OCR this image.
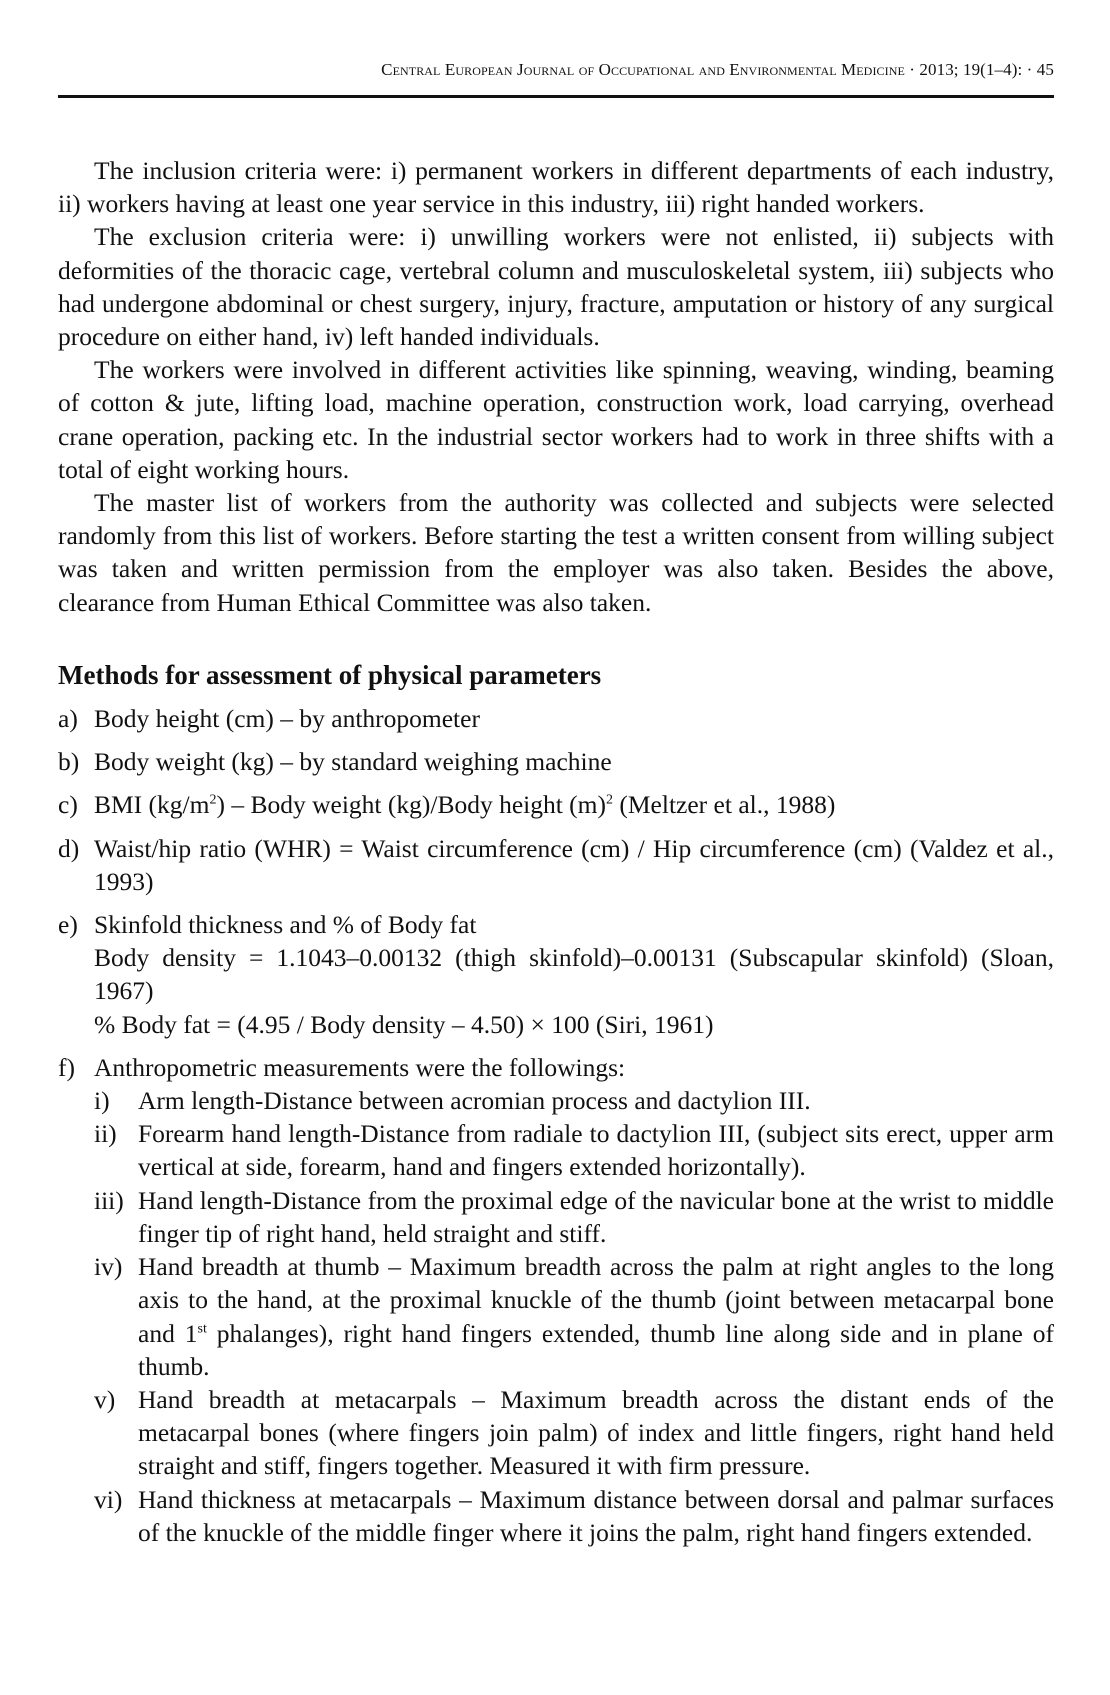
Central European Journal of Occupational and Environmental Medicine · 2013; 19(1–4): · 45

The inclusion criteria were: i) permanent workers in different departments of each industry, ii) workers having at least one year service in this industry, iii) right handed workers.

The exclusion criteria were: i) unwilling workers were not enlisted, ii) subjects with deformities of the thoracic cage, vertebral column and musculoskeletal system, iii) subjects who had undergone abdominal or chest surgery, injury, fracture, amputation or history of any surgical procedure on either hand, iv) left handed individuals.

The workers were involved in different activities like spinning, weaving, winding, beaming of cotton & jute, lifting load, machine operation, construction work, load carrying, overhead crane operation, packing etc. In the industrial sector workers had to work in three shifts with a total of eight working hours.

The master list of workers from the authority was collected and subjects were selected randomly from this list of workers. Before starting the test a written consent from willing subject was taken and written permission from the employer was also taken. Besides the above, clearance from Human Ethical Committee was also taken.

Methods for assessment of physical parameters
a) Body height (cm) – by anthropometer
b) Body weight (kg) – by standard weighing machine
c) BMI $(kg/m^2)$ – Body weight (kg)/Body height $(m)^2$ (Meltzer et al., 1988)
d) Waist/hip ratio (WHR) = Waist circumference (cm) / Hip circumference (cm) (Valdez et al., 1993)
e) Skinfold thickness and % of Body fat
Body density = 1.1043–0.00132 (thigh skinfold)–0.00131 (Subscapular skinfold) (Sloan, 1967)
% Body fat = (4.95 / Body density – 4.50) × 100 (Siri, 1961)
f) Anthropometric measurements were the followings:
i)	Arm length-Distance between acromian process and dactylion III.
ii) Forearm hand length-Distance from radiale to dactylion III, (subject sits erect, upper arm vertical at side, forearm, hand and fingers extended horizontally).
iii) Hand length-Distance from the proximal edge of the navicular bone at the wrist to middle finger tip of right hand, held straight and stiff.
iv) Hand breadth at thumb – Maximum breadth across the palm at right angles to the long axis to the hand, at the proximal knuckle of the thumb (joint between metacarpal bone and 1st phalanges), right hand fingers extended, thumb line along side and in plane of thumb.
v) Hand breadth at metacarpals – Maximum breadth across the distant ends of the metacarpal bones (where fingers join palm) of index and little fingers, right hand held straight and stiff, fingers together. Measured it with firm pressure.
vi) Hand thickness at metacarpals – Maximum distance between dorsal and palmar surfaces of the knuckle of the middle finger where it joins the palm, right hand fingers extended.
